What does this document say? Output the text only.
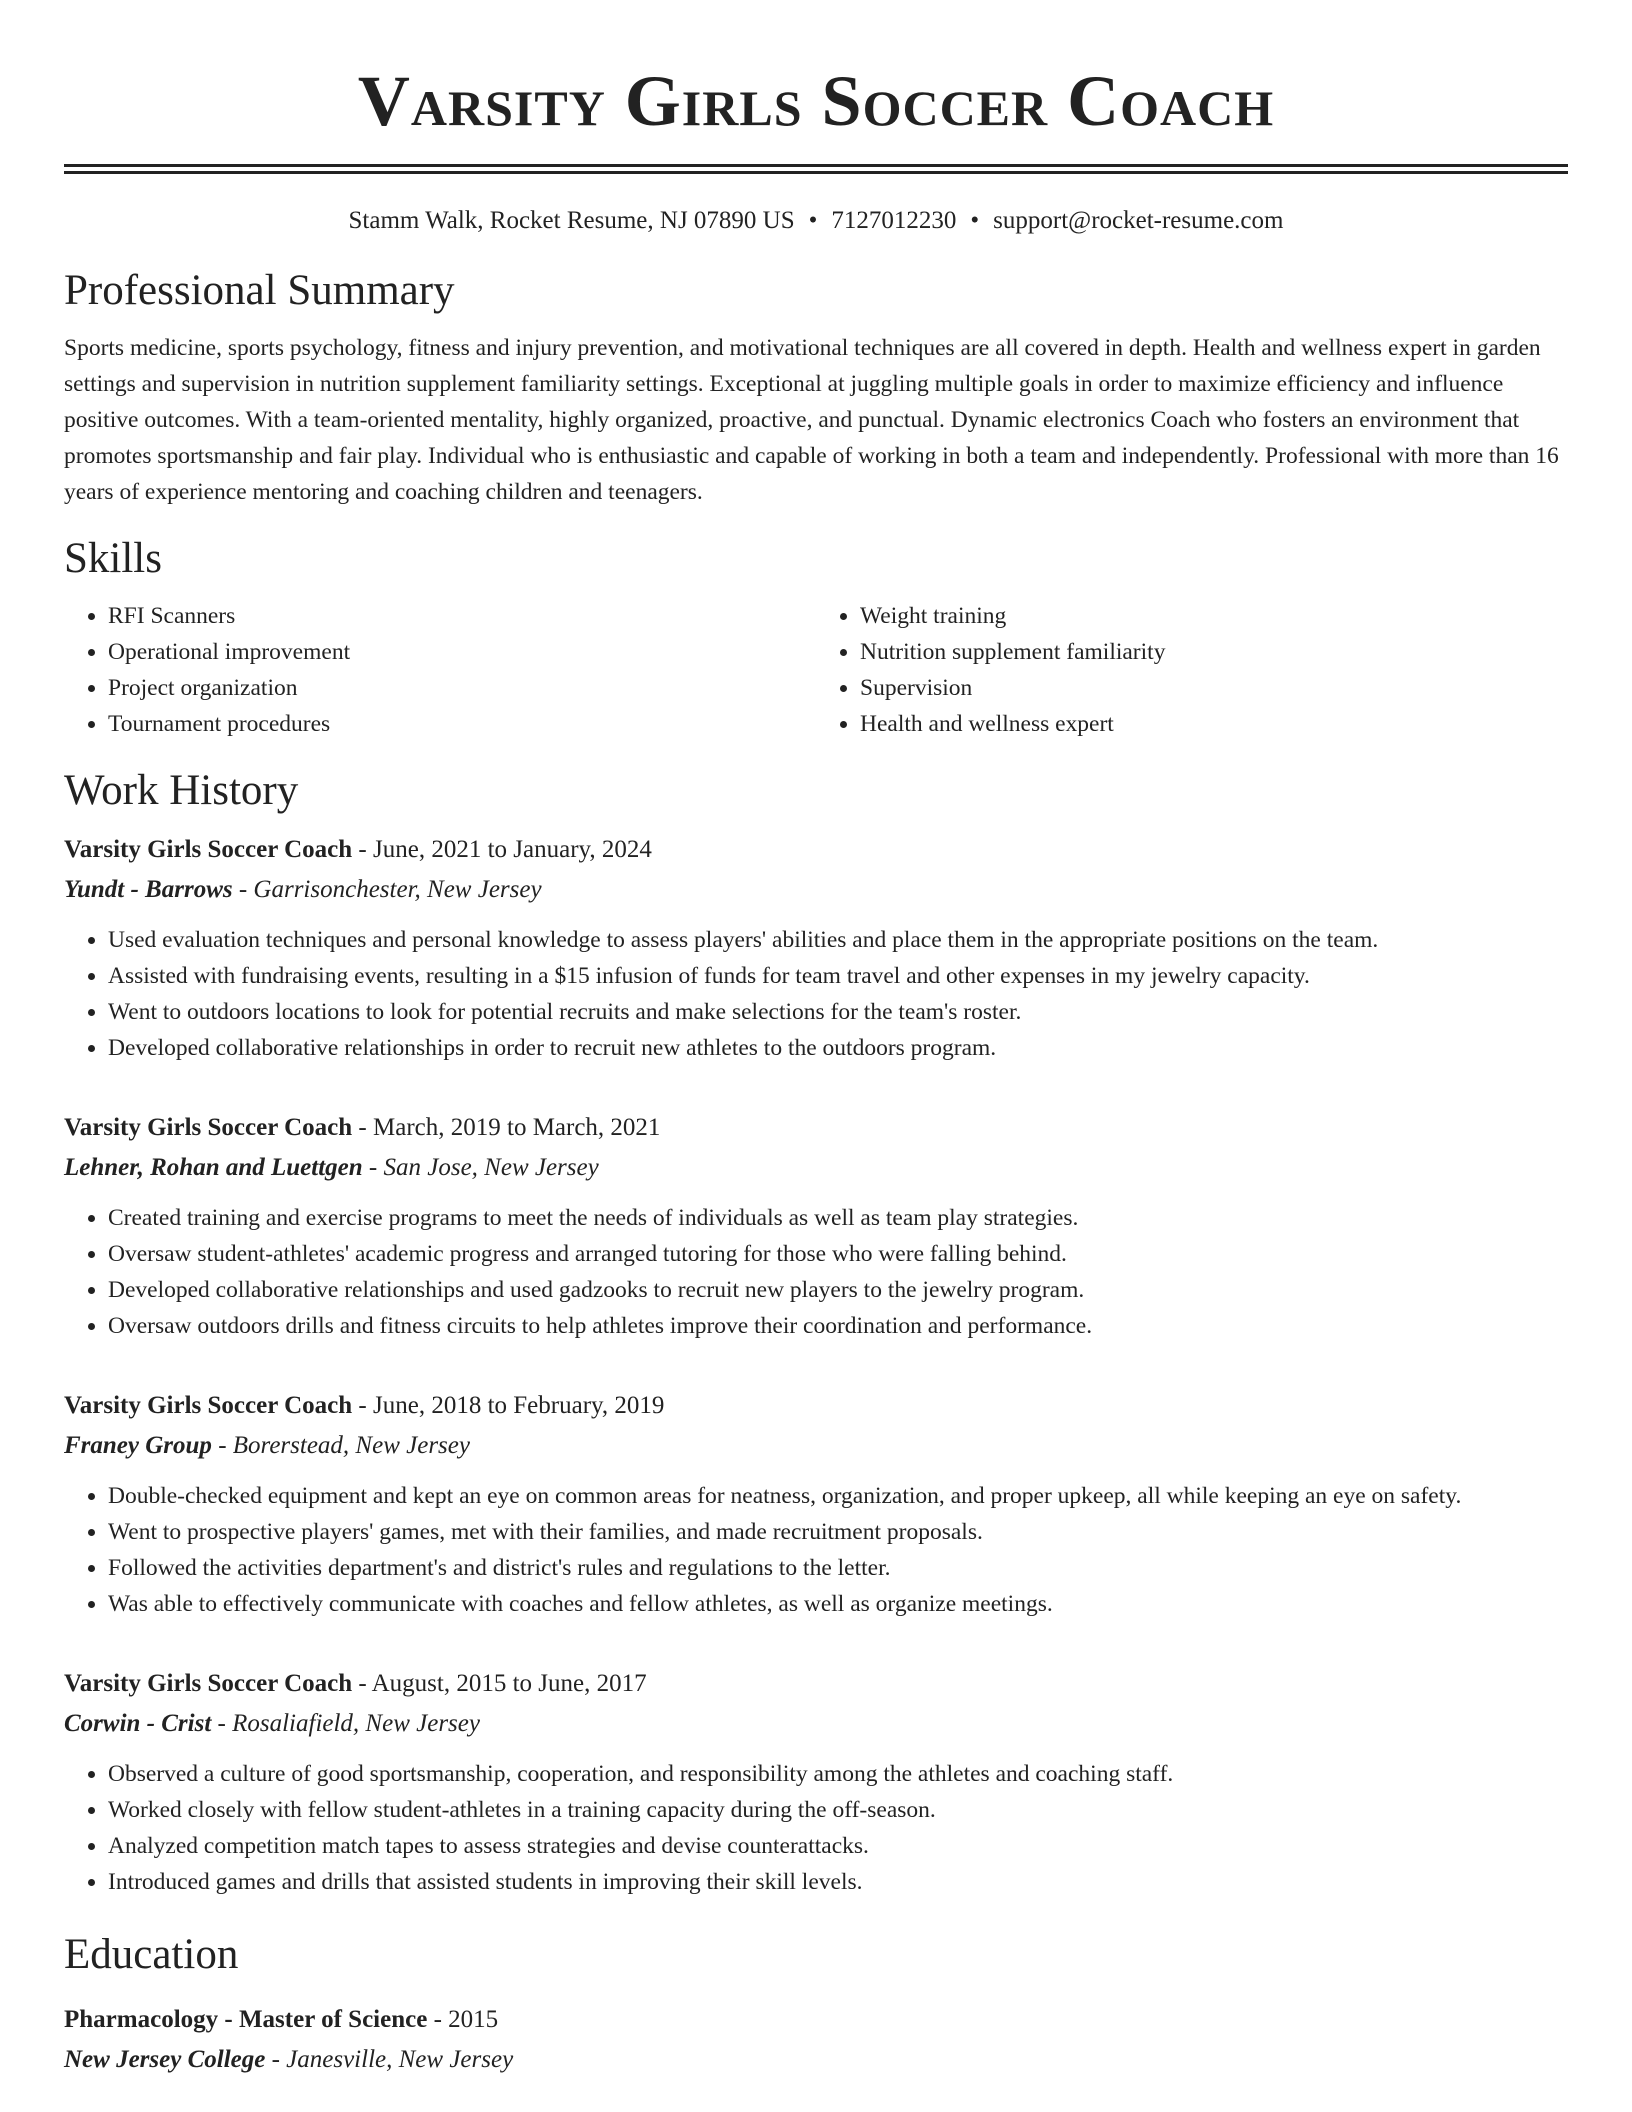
Varsity Girls Soccer Coach
Stamm Walk, Rocket Resume, NJ 07890 US • 7127012230 • support@rocket-resume.com
Professional Summary

Sports medicine, sports psychology, fitness and injury prevention, and motivational techniques are all covered in depth. Health and wellness expert in garden settings and supervision in nutrition supplement familiarity settings. Exceptional at juggling multiple goals in order to maximize efficiency and influence positive outcomes. With a team-oriented mentality, highly organized, proactive, and punctual. Dynamic electronics Coach who fosters an environment that promotes sportsmanship and fair play. Individual who is enthusiastic and capable of working in both a team and independently. Professional with more than 16 years of experience mentoring and coaching children and teenagers.

Skills
• RFI Scanners
• Operational improvement
• Project organization
• Tournament procedures
• Weight training
• Nutrition supplement familiarity
• Supervision
• Health and wellness expert
Work History
Varsity Girls Soccer Coach - June, 2021 to January, 2024
Yundt - Barrows - Garrisonchester, New Jersey
• Used evaluation techniques and personal knowledge to assess players' abilities and place them in the appropriate positions on the team.
• Assisted with fundraising events, resulting in a $15 infusion of funds for team travel and other expenses in my jewelry capacity.
• Went to outdoors locations to look for potential recruits and make selections for the team's roster.
• Developed collaborative relationships in order to recruit new athletes to the outdoors program.
Varsity Girls Soccer Coach - March, 2019 to March, 2021
Lehner, Rohan and Luettgen - San Jose, New Jersey
• Created training and exercise programs to meet the needs of individuals as well as team play strategies.
• Oversaw student-athletes' academic progress and arranged tutoring for those who were falling behind.
• Developed collaborative relationships and used gadzooks to recruit new players to the jewelry program.
• Oversaw outdoors drills and fitness circuits to help athletes improve their coordination and performance.
Varsity Girls Soccer Coach - June, 2018 to February, 2019
Franey Group - Borerstead, New Jersey
• Double-checked equipment and kept an eye on common areas for neatness, organization, and proper upkeep, all while keeping an eye on safety.
• Went to prospective players' games, met with their families, and made recruitment proposals.
• Followed the activities department's and district's rules and regulations to the letter.
• Was able to effectively communicate with coaches and fellow athletes, as well as organize meetings.
Varsity Girls Soccer Coach - August, 2015 to June, 2017
Corwin - Crist - Rosaliafield, New Jersey
• Observed a culture of good sportsmanship, cooperation, and responsibility among the athletes and coaching staff.
• Worked closely with fellow student-athletes in a training capacity during the off-season.
• Analyzed competition match tapes to assess strategies and devise counterattacks.
• Introduced games and drills that assisted students in improving their skill levels.
Education
Pharmacology - Master of Science - 2015
New Jersey College - Janesville, New Jersey
